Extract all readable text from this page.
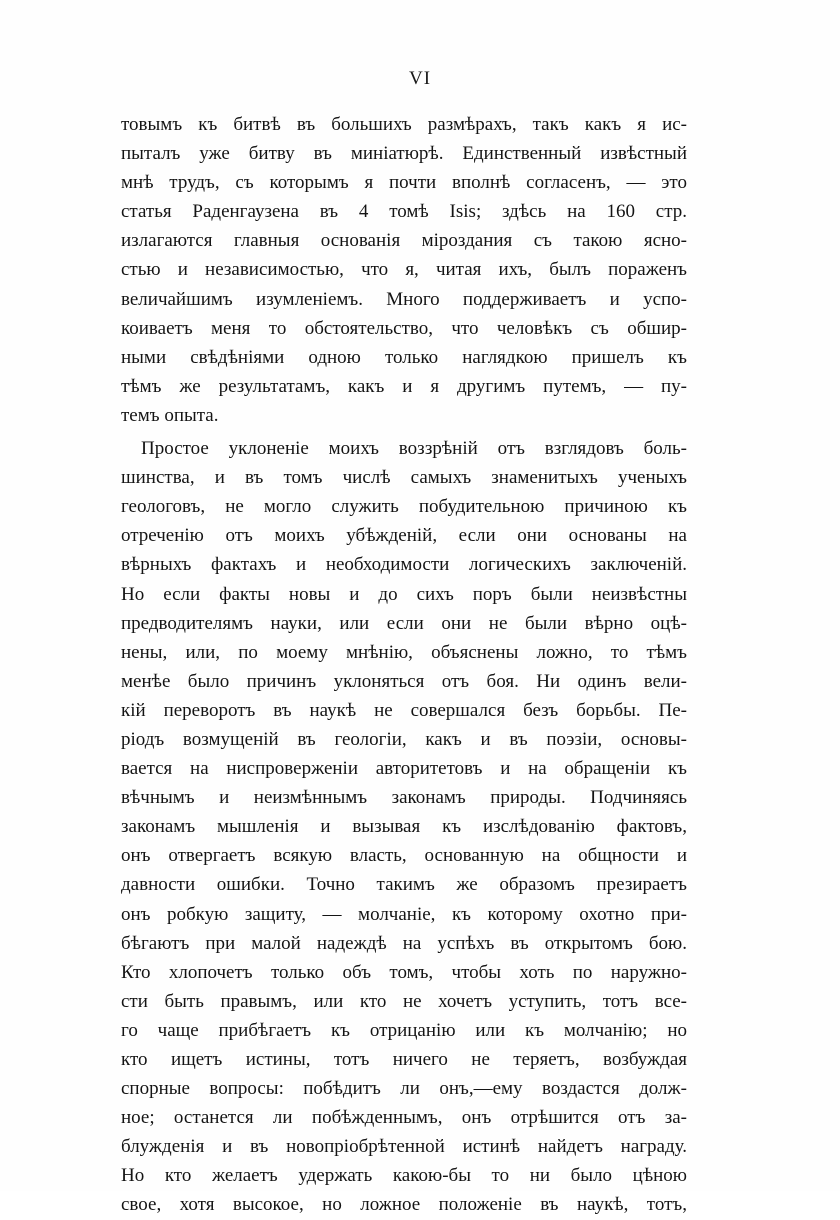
VI
товымъ къ битвѣ въ большихъ размѣрахъ, такъ какъ я ис-
пыталъ уже битву въ миніатюрѣ. Единственный извѣстный
мнѣ трудъ, съ которымъ я почти вполнѣ согласенъ, — это
статья Раденгаузена въ 4 томѣ Isis; здѣсь на 160 стр.
излагаются главныя основанія міроздания съ такою ясно-
стью и независимостью, что я, читая ихъ, былъ пораженъ
величайшимъ изумленіемъ. Много поддерживаетъ и успо-
коиваетъ меня то обстоятельство, что человѣкъ съ обшир-
ными свѣдѣніями одною только наглядкою пришелъ къ
тѣмъ же результатамъ, какъ и я другимъ путемъ, — пу-
темъ опыта.
Простое уклоненіе моихъ воззрѣній отъ взглядовъ боль-
шинства, и въ томъ числѣ самыхъ знаменитыхъ ученыхъ
геологовъ, не могло служить побудительною причиною къ
отреченію отъ моихъ убѣжденій, если они основаны на
вѣрныхъ фактахъ и необходимости логическихъ заключеній.
Но если факты новы и до сихъ поръ были неизвѣстны
предводителямъ науки, или если они не были вѣрно оцѣ-
нены, или, по моему мнѣнію, объяснены ложно, то тѣмъ
менѣе было причинъ уклоняться отъ боя. Ни одинъ вели-
кій переворотъ въ наукѣ не совершался безъ борьбы. Пе-
ріодъ возмущеній въ геологіи, какъ и въ поэзіи, основы-
вается на ниспроверженіи авторитетовъ и на обращеніи къ
вѣчнымъ и неизмѣннымъ законамъ природы. Подчиняясь
законамъ мышленія и вызывая къ изслѣдованію фактовъ,
онъ отвергаетъ всякую власть, основанную на общности и
давности ошибки. Точно такимъ же образомъ презираетъ
онъ робкую защиту, — молчаніе, къ которому охотно при-
бѣгаютъ при малой надеждѣ на успѣхъ въ открытомъ бою.
Кто хлопочетъ только объ томъ, чтобы хоть по наружно-
сти быть правымъ, или кто не хочетъ уступить, тотъ все-
го чаще прибѣгаетъ къ отрицанію или къ молчанію; но
кто ищетъ истины, тотъ ничего не теряетъ, возбуждая
спорные вопросы: побѣдитъ ли онъ,—ему воздастся долж-
ное; останется ли побѣжденнымъ, онъ отрѣшится отъ за-
блужденія и въ новопріобрѣтенной истинѣ найдетъ награду.
Но кто желаетъ удержать какою-бы то ни было цѣною
свое, хотя высокое, но ложное положеніе въ наукѣ, тотъ,
